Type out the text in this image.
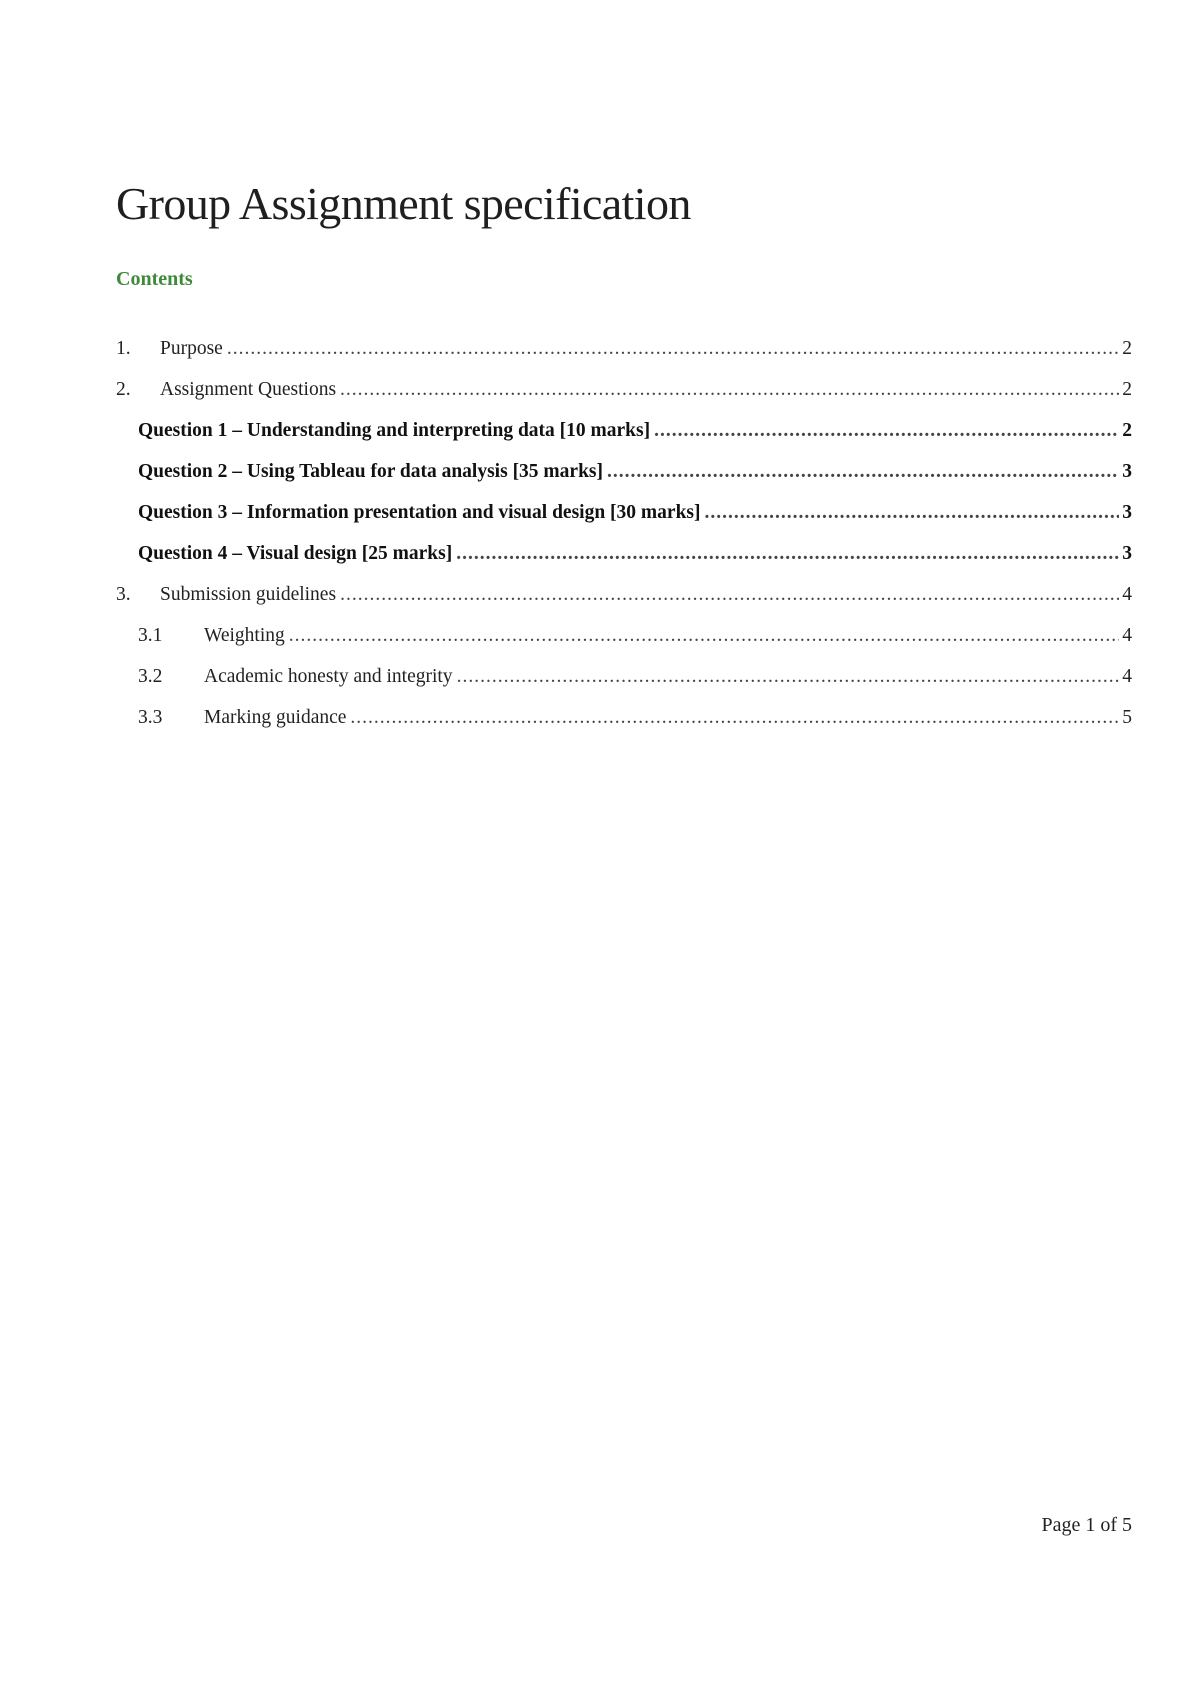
Group Assignment specification
Contents
1.	Purpose .....	2
2.	Assignment Questions .....	2
Question 1 – Understanding and interpreting data [10 marks] .....	2
Question 2 – Using Tableau for data analysis [35 marks] .....	3
Question 3 – Information presentation and visual design [30 marks] .....	3
Question 4 – Visual design [25 marks] .....	3
3.	Submission guidelines .....	4
3.1	Weighting .....	4
3.2	Academic honesty and integrity .....	4
3.3	Marking guidance .....	5
Page 1 of 5
